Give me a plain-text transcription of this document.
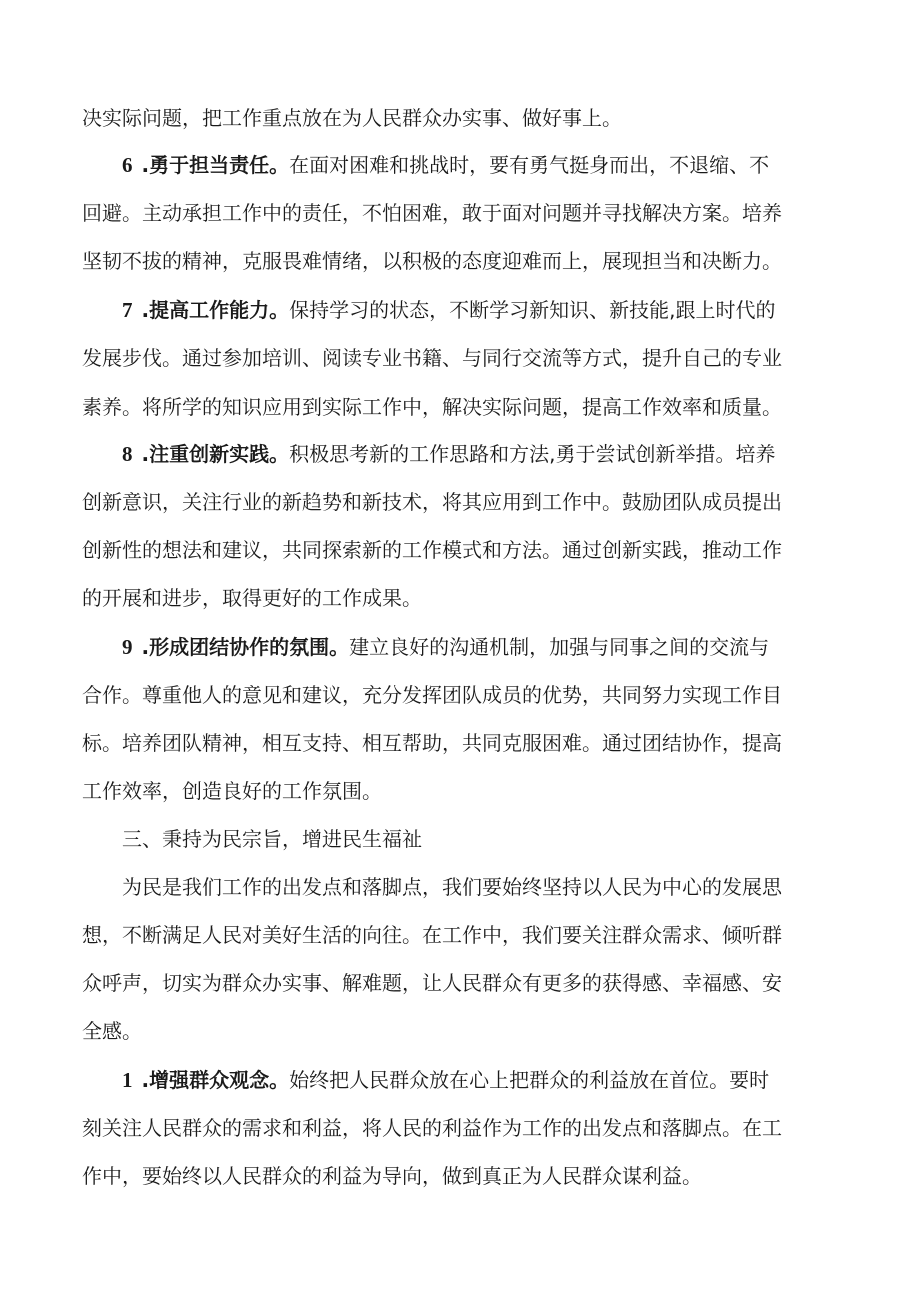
决实际问题，把工作重点放在为人民群众办实事、做好事上。
6 .勇于担当责任。在面对困难和挑战时，要有勇气挺身而出，不退缩、不
回避。主动承担工作中的责任，不怕困难，敢于面对问题并寻找解决方案。培养
坚韧不拔的精神，克服畏难情绪，以积极的态度迎难而上，展现担当和决断力。
7 .提高工作能力。保持学习的状态，不断学习新知识、新技能,跟上时代的
发展步伐。通过参加培训、阅读专业书籍、与同行交流等方式，提升自己的专业
素养。将所学的知识应用到实际工作中，解决实际问题，提高工作效率和质量。
8 .注重创新实践。积极思考新的工作思路和方法,勇于尝试创新举措。培养
创新意识，关注行业的新趋势和新技术，将其应用到工作中。鼓励团队成员提出
创新性的想法和建议，共同探索新的工作模式和方法。通过创新实践，推动工作
的开展和进步，取得更好的工作成果。
9 .形成团结协作的氛围。建立良好的沟通机制，加强与同事之间的交流与
合作。尊重他人的意见和建议，充分发挥团队成员的优势，共同努力实现工作目
标。培养团队精神，相互支持、相互帮助，共同克服困难。通过团结协作，提高
工作效率，创造良好的工作氛围。
三、秉持为民宗旨，增进民生福祉
为民是我们工作的出发点和落脚点，我们要始终坚持以人民为中心的发展思
想，不断满足人民对美好生活的向往。在工作中，我们要关注群众需求、倾听群
众呼声，切实为群众办实事、解难题，让人民群众有更多的获得感、幸福感、安
全感。
1 .增强群众观念。始终把人民群众放在心上把群众的利益放在首位。要时
刻关注人民群众的需求和利益，将人民的利益作为工作的出发点和落脚点。在工
作中，要始终以人民群众的利益为导向，做到真正为人民群众谋利益。
